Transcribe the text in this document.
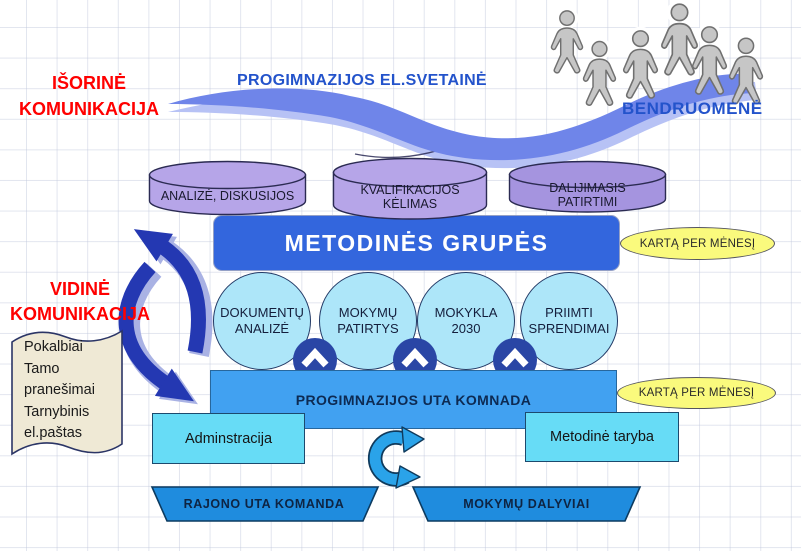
IŠORINĖ
KOMUNIKACIJA
PROGIMNAZIJOS EL.SVETAINĖ
BENDRUOMENĖ
METODINĖS GRUPĖS
ANALIZĖ, DISKUSIJOS	KVALIFIKACIJOS KĖLIMAS
DALIJIMASIS PATIRTIMI
DOKUMENTŲ ANALIZĖ
MOKYMŲ PATIRTYS
MOKYKLA 2030
PRIIMTI SPRENDIMAI
PROGIMNAZIJOS UTA KOMNADA
Adminstracija	Metodinė taryba
KARTĄ PER MĖNESĮ
KARTĄ PER MĖNESĮ
Pokalbiai
Tamo
pranešimai
Tarnybinis
el.paštas
VIDINĖ
KOMUNIKACIJA
RAJONO UTA KOMANDA	MOKYMŲ DALYVIAI
